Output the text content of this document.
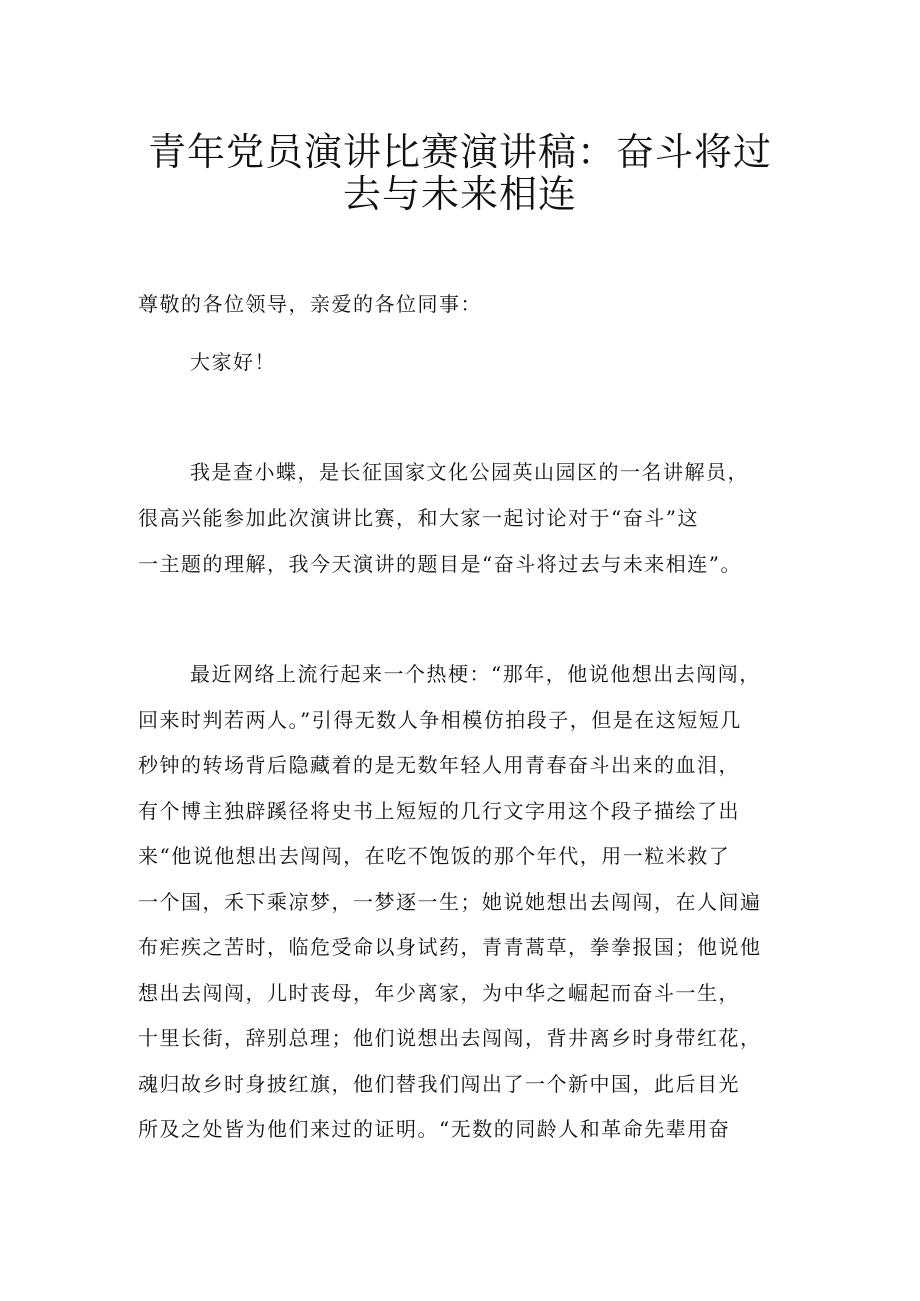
青年党员演讲比赛演讲稿：奋斗将过
去与未来相连

尊敬的各位领导，亲爱的各位同事：

大家好！

我是查小蝶，是长征国家文化公园英山园区的一名讲解员，

很高兴能参加此次演讲比赛，和大家一起讨论对于“奋斗”这

一主题的理解，我今天演讲的题目是“奋斗将过去与未来相连”。

最近网络上流行起来一个热梗：“那年，他说他想出去闯闯，

回来时判若两人。”引得无数人争相模仿拍段子，但是在这短短几

秒钟的转场背后隐藏着的是无数年轻人用青春奋斗出来的血泪，

有个博主独辟蹊径将史书上短短的几行文字用这个段子描绘了出

来“他说他想出去闯闯，在吃不饱饭的那个年代，用一粒米救了

一个国，禾下乘凉梦，一梦逐一生；她说她想出去闯闯，在人间遍

布疟疾之苦时，临危受命以身试药，青青蒿草，拳拳报国；他说他

想出去闯闯，儿时丧母，年少离家，为中华之崛起而奋斗一生，

十里长街，辞别总理；他们说想出去闯闯，背井离乡时身带红花，

魂归故乡时身披红旗，他们替我们闯出了一个新中国，此后目光

所及之处皆为他们来过的证明。“无数的同龄人和革命先辈用奋
